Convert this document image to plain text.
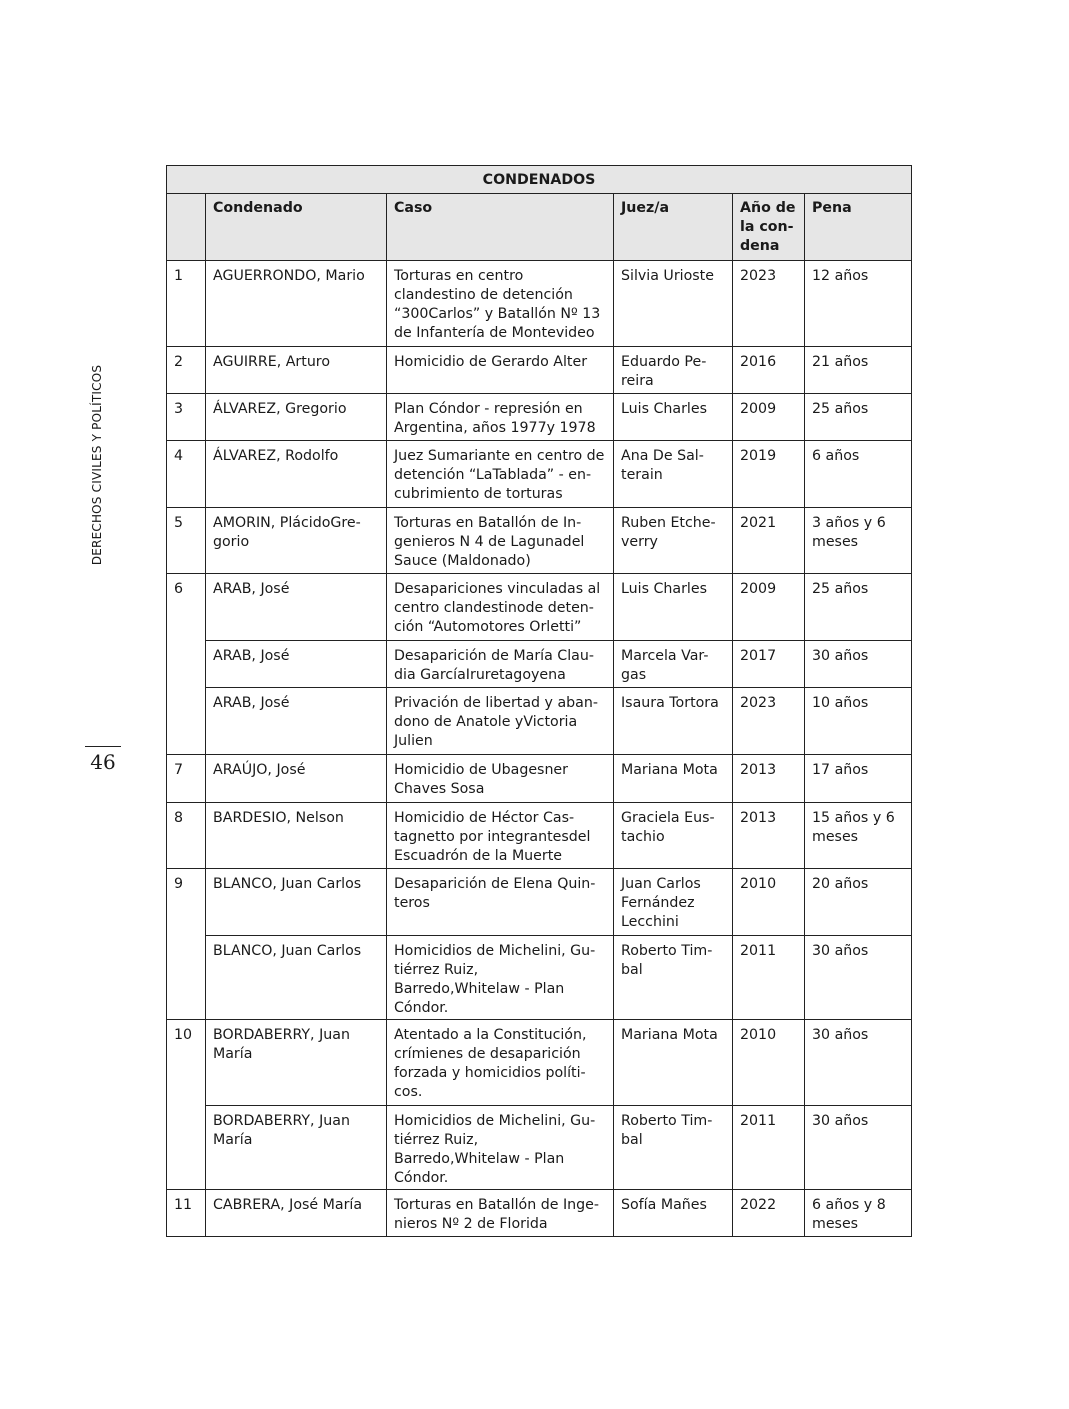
DERECHOS CIVILES Y POLÍTICOS
46
CONDENADOS					
	Condenado	Caso	Juez/a	Año de la con- dena	Pena
1	AGUERRONDO, Mario	Torturas en centro clandestino de detención “300Carlos” y Batallón Nº 13 de Infantería de Montevideo	Silvia Urioste	2023	12 años
2	AGUIRRE, Arturo	Homicidio de Gerardo Alter	Eduardo Pe- reira	2016	21 años
3	ÁLVAREZ, Gregorio	Plan Cóndor - represión en Argentina, años 1977y 1978	Luis Charles	2009	25 años
4	ÁLVAREZ, Rodolfo	Juez Sumariante en centro de detención “LaTablada” - en- cubrimiento de torturas	Ana De Sal- terain	2019	6 años
5	AMORIN, PlácidoGre- gorio	Torturas en Batallón de In- genieros N 4 de Lagunadel Sauce (Maldonado)	Ruben Etche- verry	2021	3 años y 6 meses
6	ARAB, José	Desapariciones vinculadas al centro clandestinode deten- ción “Automotores Orletti”	Luis Charles	2009	25 años
	ARAB, José	Desaparición de María Clau- dia GarcíaIruretagoyena	Marcela Var- gas	2017	30 años
	ARAB, José	Privación de libertad y aban- dono de Anatole yVictoria Julien	Isaura Tortora	2023	10 años
7	ARAÚJO, José	Homicidio de Ubagesner Chaves Sosa	Mariana Mota	2013	17 años
8	BARDESIO, Nelson	Homicidio de Héctor Cas- tagnetto por integrantesdel Escuadrón de la Muerte	Graciela Eus- tachio	2013	15 años y 6 meses
9	BLANCO, Juan Carlos	Desaparición de Elena Quin- teros	Juan Carlos Fernández Lecchini	2010	20 años
	BLANCO, Juan Carlos	Homicidios de Michelini, Gu- tiérrez Ruiz, Barredo,Whitelaw - Plan Cóndor.	Roberto Tim- bal	2011	30 años
10	BORDABERRY, Juan María	Atentado a la Constitución, crímienes de desaparición forzada y homicidios políti- cos.	Mariana Mota	2010	30 años
	BORDABERRY, Juan María	Homicidios de Michelini, Gu- tiérrez Ruiz, Barredo,Whitelaw - Plan Cóndor.	Roberto Tim- bal	2011	30 años
11	CABRERA, José María	Torturas en Batallón de Inge- nieros Nº 2 de Florida	Sofía Mañes	2022	6 años y 8 meses
